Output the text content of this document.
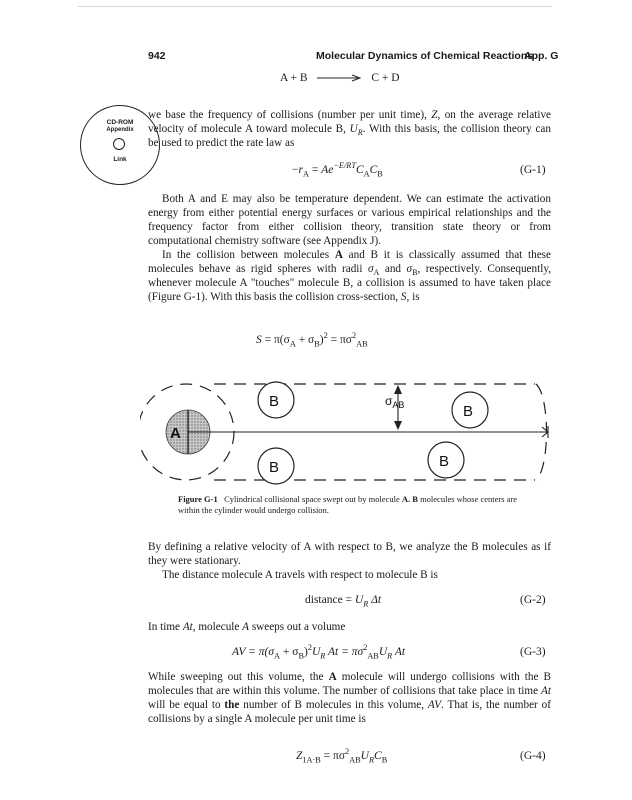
942	Molecular Dynamics of Chemical Reactions
App. G
A + B → C + D
CD-ROM
Appendix
Link
we base the frequency of collisions (number per unit time), Z, on the average relative velocity of molecule A toward molecule B, $U_R$. With this basis, the collision theory can be used to predict the rate law as
$-r_A = Ae^{-E/RT}C_AC_B$	(G-1)
Both A and E may also be temperature dependent. We can estimate the activation energy from either potential energy surfaces or various empirical relationships and the frequency factor from either collision theory, transition state theory or from computational chemistry software (see Appendix J).
In the collision between molecules A and B it is classically assumed that these molecules behave as rigid spheres with radii $\sigma_A$ and $\sigma_B$, respectively. Consequently, whenever molecule A "touches" molecule B, a collision is assumed to have taken place (Figure G-1). With this basis the collision cross-section, S, is
$S = \pi(\sigma_A + \sigma_B)^2 = \pi\sigma^2_{AB}$
A
$\sigma_{AB}$
B
B
B
B
Figure G-1 Cylindrical collisional space swept out by molecule A. B molecules whose centers are within the cylinder would undergo collision.
By defining a relative velocity of A with respect to B, we analyze the B molecules as if they were stationary.
The distance molecule A travels with respect to molecule B is
distance = $U_R$ Δt	(G-2)
In time At, molecule A sweeps out a volume
AV = $\pi(\sigma_A + \sigma_B)^2U_R$ $At = \pi\sigma^2_{AB}U_R$ At	(G-3)
While sweeping out this volume, the A molecule will undergo collisions with the B molecules that are within this volume. The number of collisions that take place in time At will be equal to the number of B molecules in this volume, AV. That is, the number of collisions by a single A molecule per unit time is
$Z_{1A\cdot B} = \pi\sigma^2_{AB}U_RC_B$	(G-4)
